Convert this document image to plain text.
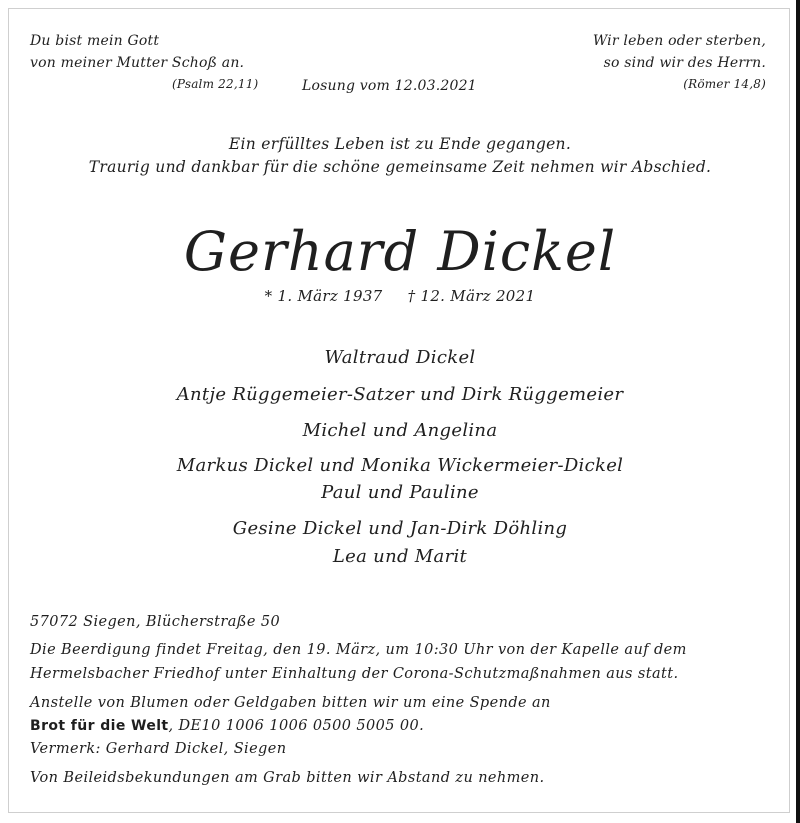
Du bist mein Gott

von meiner Mutter Schoß an.

(Psalm 22,11)	Losung vom 12.03.2021

Wir leben oder sterben,

so sind wir des Herrn.

(Römer 14,8)

Ein erfülltes Leben ist zu Ende gegangen.

Traurig und dankbar für die schöne gemeinsame Zeit nehmen wir Abschied.

Gerhard Dickel

* 1. März 1937 † 12. März 2021

Waltraud Dickel

Antje Rüggemeier-Satzer und Dirk Rüggemeier

Michel und Angelina

Markus Dickel und Monika Wickermeier-Dickel

Paul und Pauline

Gesine Dickel und Jan-Dirk Döhling

Lea und Marit

57072 Siegen, Blücherstraße 50

Die Beerdigung findet Freitag, den 19. März, um 10:30 Uhr von der Kapelle auf dem

Hermelsbacher Friedhof unter Einhaltung der Corona-Schutzmaßnahmen aus statt.

Anstelle von Blumen oder Geldgaben bitten wir um eine Spende an

Brot für die Welt, DE10 1006 1006 0500 5005 00.

Vermerk: Gerhard Dickel, Siegen

Von Beileidsbekundungen am Grab bitten wir Abstand zu nehmen.
